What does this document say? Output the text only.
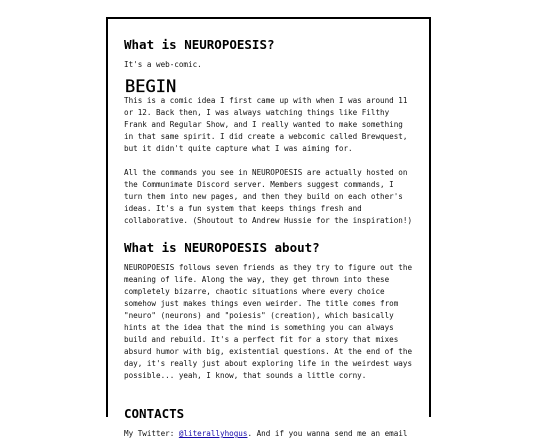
What is NEUROPOESIS?

It's a web-comic.

BEGIN

This is a comic idea I first came up with when I was around 11 or 12. Back then, I was always watching things like Filthy Frank and Regular Show, and I really wanted to make something in that same spirit. I did create a webcomic called Brewquest, but it didn't quite capture what I was aiming for.

All the commands you see in NEUROPOESIS are actually hosted on the Communimate Discord server. Members suggest commands, I turn them into new pages, and then they build on each other's ideas. It's a fun system that keeps things fresh and collaborative. (Shoutout to Andrew Hussie for the inspiration!)

What is NEUROPOESIS about?

NEUROPOESIS follows seven friends as they try to figure out the meaning of life. Along the way, they get thrown into these completely bizarre, chaotic situations where every choice somehow just makes things even weirder. The title comes from "neuro" (neurons) and "poiesis" (creation), which basically hints at the idea that the mind is something you can always build and rebuild. It's a perfect fit for a story that mixes absurd humor with big, existential questions. At the end of the day, it's really just about exploring life in the weirdest ways possible... yeah, I know, that sounds a little corny.

CONTACTS

My Twitter: @literallyhogus. And if you wanna send me an email
